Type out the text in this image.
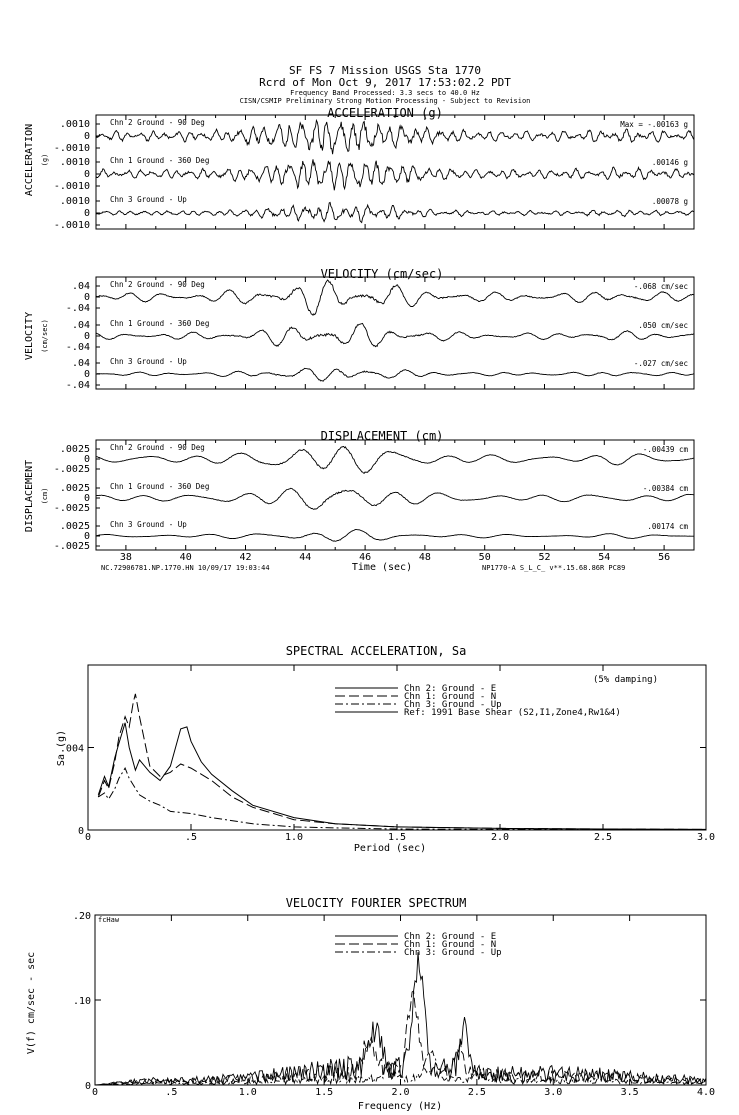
SF FS 7 Mission USGS Sta 1770
Rcrd of Mon Oct 9, 2017 17:53:02.2 PDT
Frequency Band Processed: 3.3 secs to 40.0 Hz
CISN/CSMIP Preliminary Strong Motion Processing - Subject to Revision
ACCELERATION (g)
ACCELERATION (g)
.0010
0
-.0010
Chn 2 Ground - 90 Deg	Max = -.00163 g
.0010
0
-.0010
Chn 1 Ground - 360 Deg	.00146 g
.0010
0
-.0010
Chn 3 Ground - Up	.00078 g
VELOCITY (cm/sec)
VELOCITY (cm/sec)
.04
0
-.04
Chn 2 Ground - 90 Deg	-.068 cm/sec
.04
0
-.04
Chn 1 Ground - 360 Deg	.050 cm/sec
.04
0
-.04
Chn 3 Ground - Up	-.027 cm/sec
DISPLACEMENT (cm)
DISPLACEMENT (cm)
Time (sec)
NC.72906781.NP.1770.HN 10/09/17 19:03:44	NP1770-A S_L_C_ v**.15.68.86R PC89
38	40	42	44	46	48	50	52	54	56
.0025
0
-.0025
Chn 2 Ground - 90 Deg	-.00439 cm
.0025
0
-.0025
Chn 1 Ground - 360 Deg	-.00384 cm
.0025
0
-.0025
Chn 3 Ground - Up	.00174 cm
SPECTRAL ACCELERATION, Sa
Period (sec)
Sa (g)
(5% damping)
0	.5	1.0	1.5	2.0	2.5	3.0
0
.004
Chn 2: Ground - E
Chn 1: Ground - N
Chn 3: Ground - Up
Ref: 1991 Base Shear (S2,I1,Zone4,Rw1&4)
VELOCITY FOURIER SPECTRUM
Frequency (Hz)
V(f) cm/sec - sec
fcHaw
0	.5	1.0	1.5	2.0	2.5	3.0	3.5	4.0
0
.10
.20
Chn 2: Ground - E
Chn 1: Ground - N
Chn 3: Ground - Up
